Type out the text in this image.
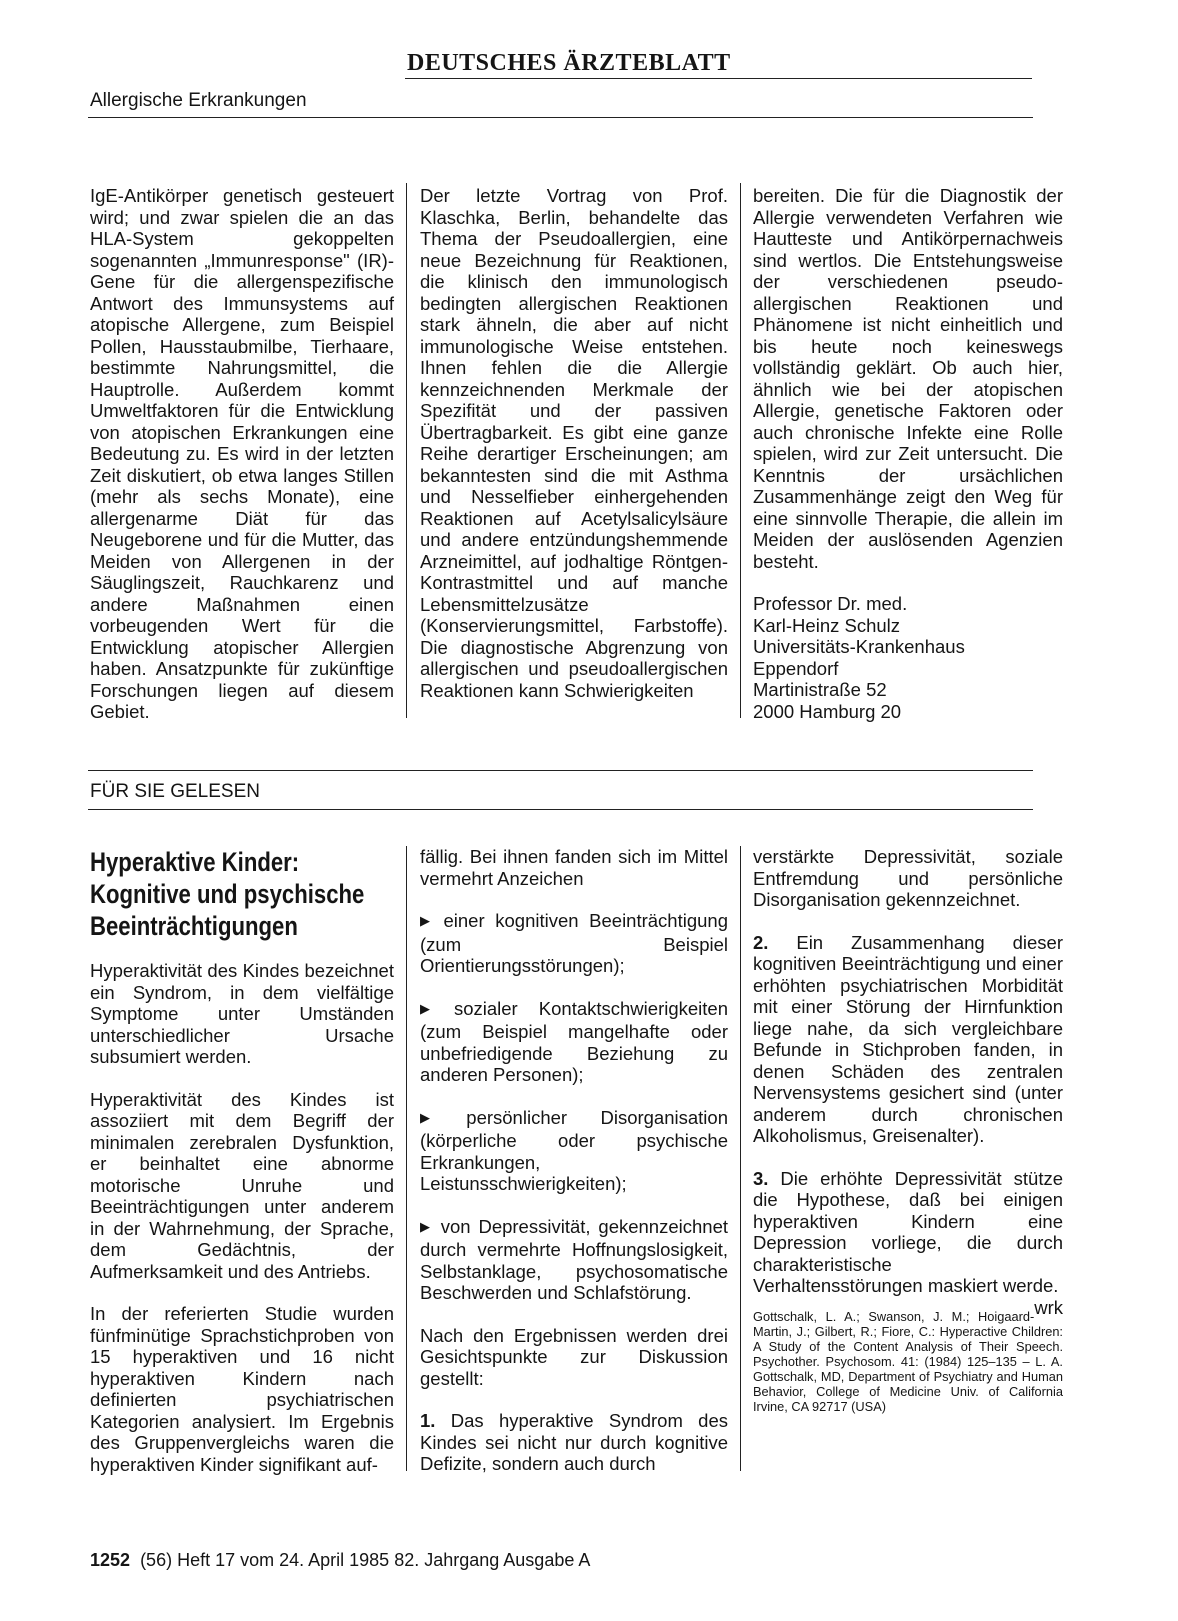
DEUTSCHES ÄRZTEBLATT
Allergische Erkrankungen

IgE-Antikörper genetisch gesteuert wird; und zwar spielen die an das HLA-System gekoppelten sogenannten „Immunresponse" (IR)-Gene für die allergenspezifische Antwort des Immunsystems auf atopische Allergene, zum Beispiel Pollen, Hausstaubmilbe, Tierhaare, bestimmte Nahrungsmittel, die Hauptrolle. Außerdem kommt Umweltfaktoren für die Entwicklung von atopischen Erkrankungen eine Bedeutung zu. Es wird in der letzten Zeit diskutiert, ob etwa langes Stillen (mehr als sechs Monate), eine allergenarme Diät für das Neugeborene und für die Mutter, das Meiden von Allergenen in der Säuglingszeit, Rauchkarenz und andere Maßnahmen einen vorbeugenden Wert für die Entwicklung atopischer Allergien haben. Ansatzpunkte für zukünftige Forschungen liegen auf diesem Gebiet.

Der letzte Vortrag von Prof. Klaschka, Berlin, behandelte das Thema der Pseudoallergien, eine neue Bezeichnung für Reaktionen, die klinisch den immunologisch bedingten allergischen Reaktionen stark ähneln, die aber auf nicht immunologische Weise entstehen. Ihnen fehlen die die Allergie kennzeichnenden Merkmale der Spezifität und der passiven Übertragbarkeit. Es gibt eine ganze Reihe derartiger Erscheinungen; am bekanntesten sind die mit Asthma und Nesselfieber einhergehenden Reaktionen auf Acetylsalicylsäure und andere entzündungshemmende Arzneimittel, auf jodhaltige Röntgen-Kontrastmittel und auf manche Lebensmittelzusätze (Konservierungsmittel, Farbstoffe). Die diagnostische Abgrenzung von allergischen und pseudoallergischen Reaktionen kann Schwierigkeiten

bereiten. Die für die Diagnostik der Allergie verwendeten Verfahren wie Hautteste und Antikörpernachweis sind wertlos. Die Entstehungsweise der verschiedenen pseudo-allergischen Reaktionen und Phänomene ist nicht einheitlich und bis heute noch keineswegs vollständig geklärt. Ob auch hier, ähnlich wie bei der atopischen Allergie, genetische Faktoren oder auch chronische Infekte eine Rolle spielen, wird zur Zeit untersucht. Die Kenntnis der ursächlichen Zusammenhänge zeigt den Weg für eine sinnvolle Therapie, die allein im Meiden der auslösenden Agenzien besteht.

Professor Dr. med.
Karl-Heinz Schulz
Universitäts-Krankenhaus
Eppendorf
Martinistraße 52
2000 Hamburg 20
FÜR SIE GELESEN
Hyperaktive Kinder:
Kognitive und psychische
Beeinträchtigungen

Hyperaktivität des Kindes bezeichnet ein Syndrom, in dem vielfältige Symptome unter Umständen unterschiedlicher Ursache subsumiert werden.

Hyperaktivität des Kindes ist assoziiert mit dem Begriff der minimalen zerebralen Dysfunktion, er beinhaltet eine abnorme motorische Unruhe und Beeinträchtigungen unter anderem in der Wahrnehmung, der Sprache, dem Gedächtnis, der Aufmerksamkeit und des Antriebs.

In der referierten Studie wurden fünfminütige Sprachstichproben von 15 hyperaktiven und 16 nicht hyperaktiven Kindern nach definierten psychiatrischen Kategorien analysiert. Im Ergebnis des Gruppenvergleichs waren die hyperaktiven Kinder signifikant auf-

fällig. Bei ihnen fanden sich im Mittel vermehrt Anzeichen

▶ einer kognitiven Beeinträchtigung (zum Beispiel Orientierungsstörungen);

▶ sozialer Kontaktschwierigkeiten (zum Beispiel mangelhafte oder unbefriedigende Beziehung zu anderen Personen);

▶ persönlicher Disorganisation (körperliche oder psychische Erkrankungen, Leistunsschwierigkeiten);

▶ von Depressivität, gekennzeichnet durch vermehrte Hoffnungslosigkeit, Selbstanklage, psychosomatische Beschwerden und Schlafstörung.

Nach den Ergebnissen werden drei Gesichtspunkte zur Diskussion gestellt:

1. Das hyperaktive Syndrom des Kindes sei nicht nur durch kognitive Defizite, sondern auch durch

verstärkte Depressivität, soziale Entfremdung und persönliche Disorganisation gekennzeichnet.

2. Ein Zusammenhang dieser kognitiven Beeinträchtigung und einer erhöhten psychiatrischen Morbidität mit einer Störung der Hirnfunktion liege nahe, da sich vergleichbare Befunde in Stichproben fanden, in denen Schäden des zentralen Nervensystems gesichert sind (unter anderem durch chronischen Alkoholismus, Greisenalter).

3. Die erhöhte Depressivität stütze die Hypothese, daß bei einigen hyperaktiven Kindern eine Depression vorliege, die durch charakteristische Verhaltensstörungen maskiert werde.
wrk

Gottschalk, L. A.; Swanson, J. M.; Hoigaard-Martin, J.; Gilbert, R.; Fiore, C.: Hyperactive Children: A Study of the Content Analysis of Their Speech. Psychother. Psychosom. 41: (1984) 125–135 – L. A. Gottschalk, MD, Department of Psychiatry and Human Behavior, College of Medicine Univ. of California Irvine, CA 92717 (USA)
1252 (56) Heft 17 vom 24. April 1985 82. Jahrgang Ausgabe A
